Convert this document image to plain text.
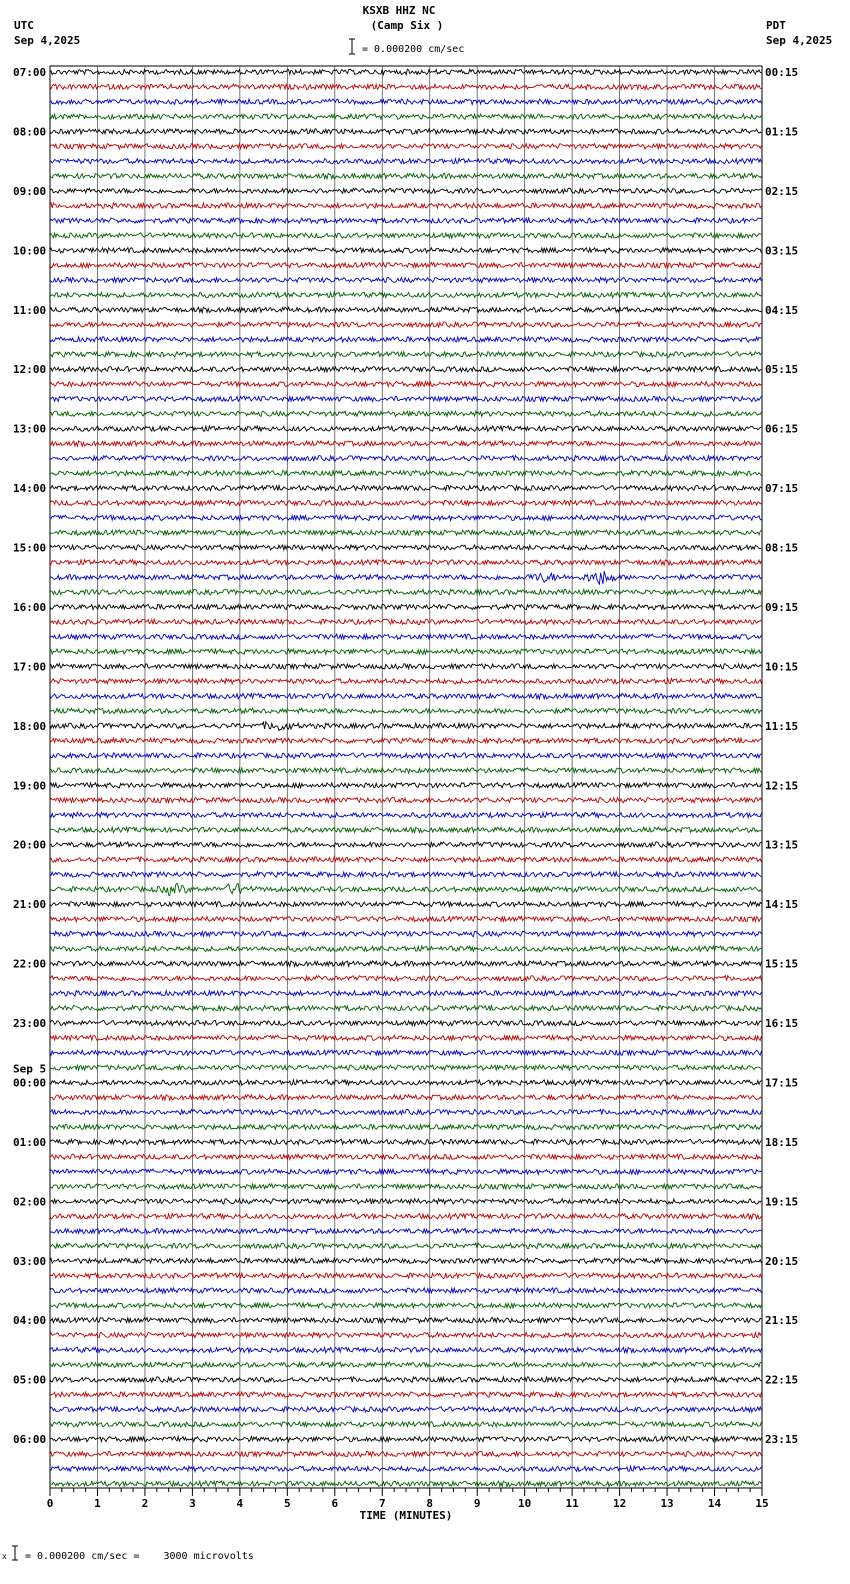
KSXB HHZ NC
(Camp Six )
UTC
Sep 4,2025
PDT
Sep 4,2025
0	1	2	3	4	5	6	7	8	9	10	11	12	13	14	15
TIME (MINUTES)
07:00	00:15
08:00	01:15
09:00	02:15
10:00	03:15
11:00	04:15
12:00	05:15
13:00	06:15
14:00	07:15
15:00	08:15
16:00	09:15
17:00	10:15
18:00	11:15
19:00	12:15
20:00	13:15
21:00	14:15
22:00	15:15
23:00	16:15
00:00	17:15
01:00	18:15
02:00	19:15
03:00	20:15
04:00	21:15
05:00	22:15
06:00	23:15
Sep 5
= 0.000200 cm/sec
x = 0.000200 cm/sec =    3000 microvolts
